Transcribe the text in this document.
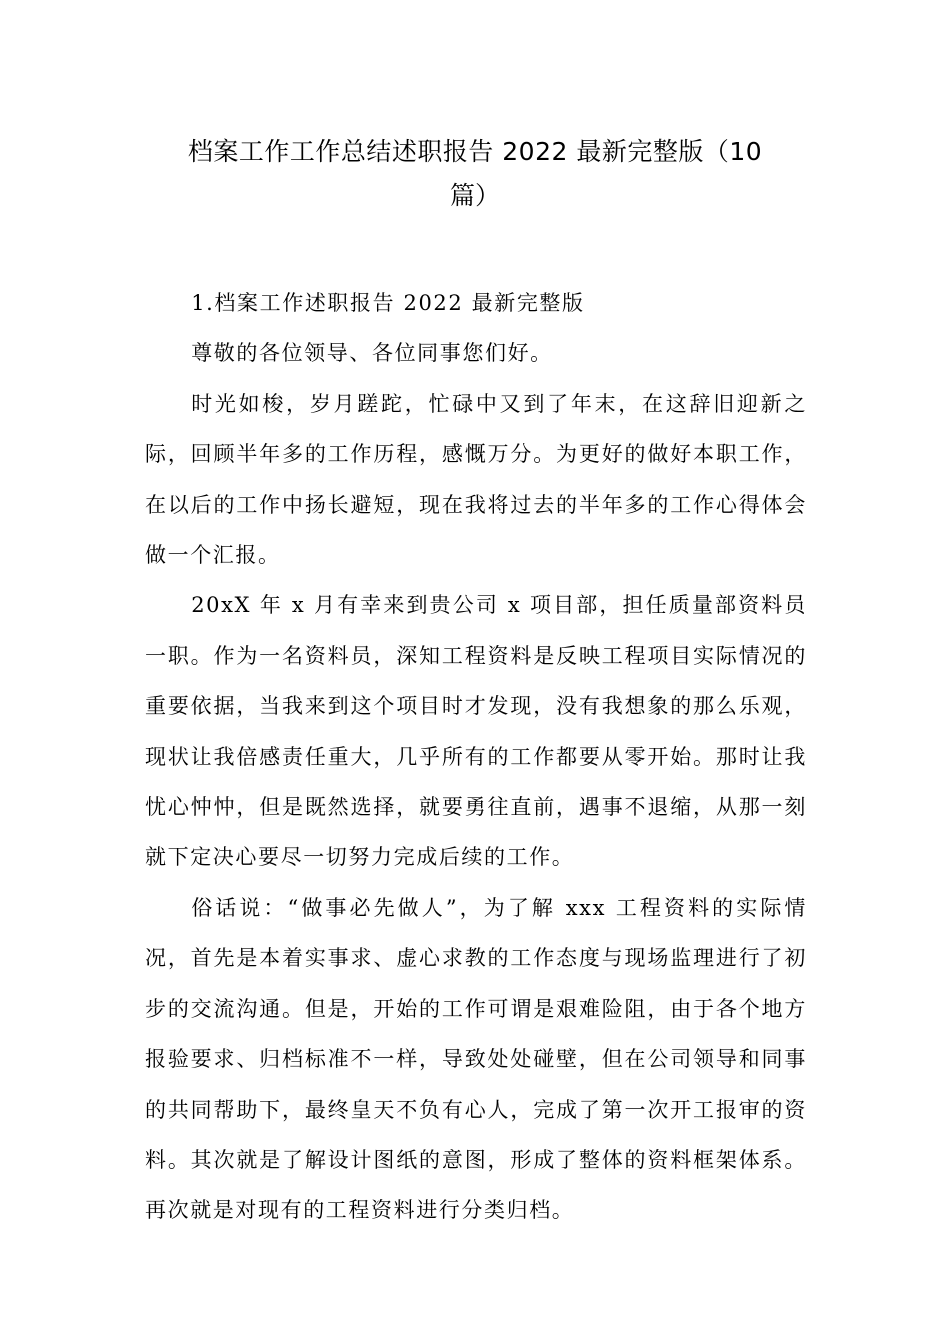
档案工作工作总结述职报告 2022 最新完整版（10
篇）

1.档案工作述职报告 2022 最新完整版

尊敬的各位领导、各位同事您们好。

时光如梭，岁月蹉跎，忙碌中又到了年末，在这辞旧迎新之际，回顾半年多的工作历程，感慨万分。为更好的做好本职工作，在以后的工作中扬长避短，现在我将过去的半年多的工作心得体会做一个汇报。

20xX 年 x 月有幸来到贵公司 x 项目部，担任质量部资料员一职。作为一名资料员，深知工程资料是反映工程项目实际情况的重要依据，当我来到这个项目时才发现，没有我想象的那么乐观，现状让我倍感责任重大，几乎所有的工作都要从零开始。那时让我忧心忡忡，但是既然选择，就要勇往直前，遇事不退缩，从那一刻就下定决心要尽一切努力完成后续的工作。

俗话说：“做事必先做人”，为了解 xxx 工程资料的实际情况，首先是本着实事求、虚心求教的工作态度与现场监理进行了初步的交流沟通。但是，开始的工作可谓是艰难险阻，由于各个地方报验要求、归档标准不一样，导致处处碰壁，但在公司领导和同事的共同帮助下，最终皇天不负有心人，完成了第一次开工报审的资料。其次就是了解设计图纸的意图，形成了整体的资料框架体系。再次就是对现有的工程资料进行分类归档。
